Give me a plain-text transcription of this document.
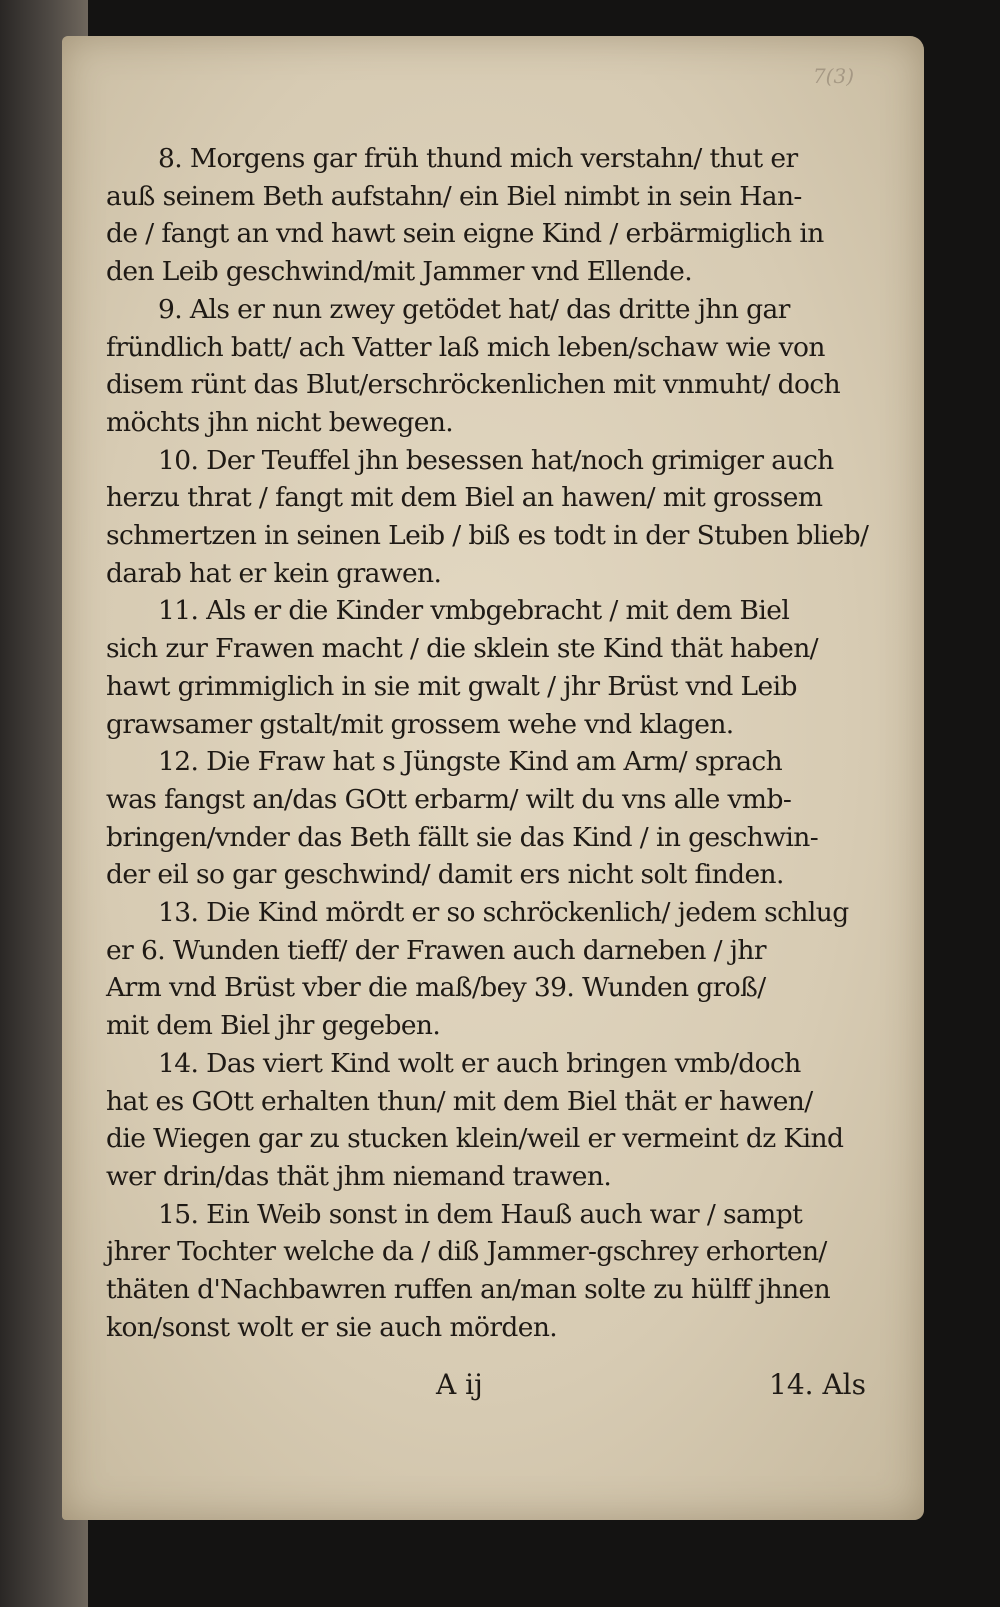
7(3)

8. Morgens gar früh thund mich verstahn/ thut er

auß seinem Beth aufstahn/ ein Biel nimbt in sein Han-

de / fangt an vnd hawt sein eigne Kind / erbärmiglich in

den Leib geschwind/mit Jammer vnd Ellende.

9. Als er nun zwey getödet hat/ das dritte jhn gar

fründlich batt/ ach Vatter laß mich leben/schaw wie von

disem rünt das Blut/erschröckenlichen mit vnmuht/ doch

möchts jhn nicht bewegen.

10. Der Teuffel jhn besessen hat/noch grimiger auch

herzu thrat / fangt mit dem Biel an hawen/ mit grossem

schmertzen in seinen Leib / biß es todt in der Stuben blieb/

darab hat er kein grawen.

11. Als er die Kinder vmbgebracht / mit dem Biel

sich zur Frawen macht / die sklein ste Kind thät haben/

hawt grimmiglich in sie mit gwalt / jhr Brüst vnd Leib

grawsamer gstalt/mit grossem wehe vnd klagen.

12. Die Fraw hat s Jüngste Kind am Arm/ sprach

was fangst an/das GOtt erbarm/ wilt du vns alle vmb-

bringen/vnder das Beth fällt sie das Kind / in geschwin-

der eil so gar geschwind/ damit ers nicht solt finden.

13. Die Kind mördt er so schröckenlich/ jedem schlug

er 6. Wunden tieff/ der Frawen auch darneben / jhr

Arm vnd Brüst vber die maß/bey 39. Wunden groß/

mit dem Biel jhr gegeben.

14. Das viert Kind wolt er auch bringen vmb/doch

hat es GOtt erhalten thun/ mit dem Biel thät er hawen/

die Wiegen gar zu stucken klein/weil er vermeint dz Kind

wer drin/das thät jhm niemand trawen.

15. Ein Weib sonst in dem Hauß auch war / sampt

jhrer Tochter welche da / diß Jammer-gschrey erhorten/

thäten d'Nachbawren ruffen an/man solte zu hülff jhnen

kon/sonst wolt er sie auch mörden.

A ij	14. Als
